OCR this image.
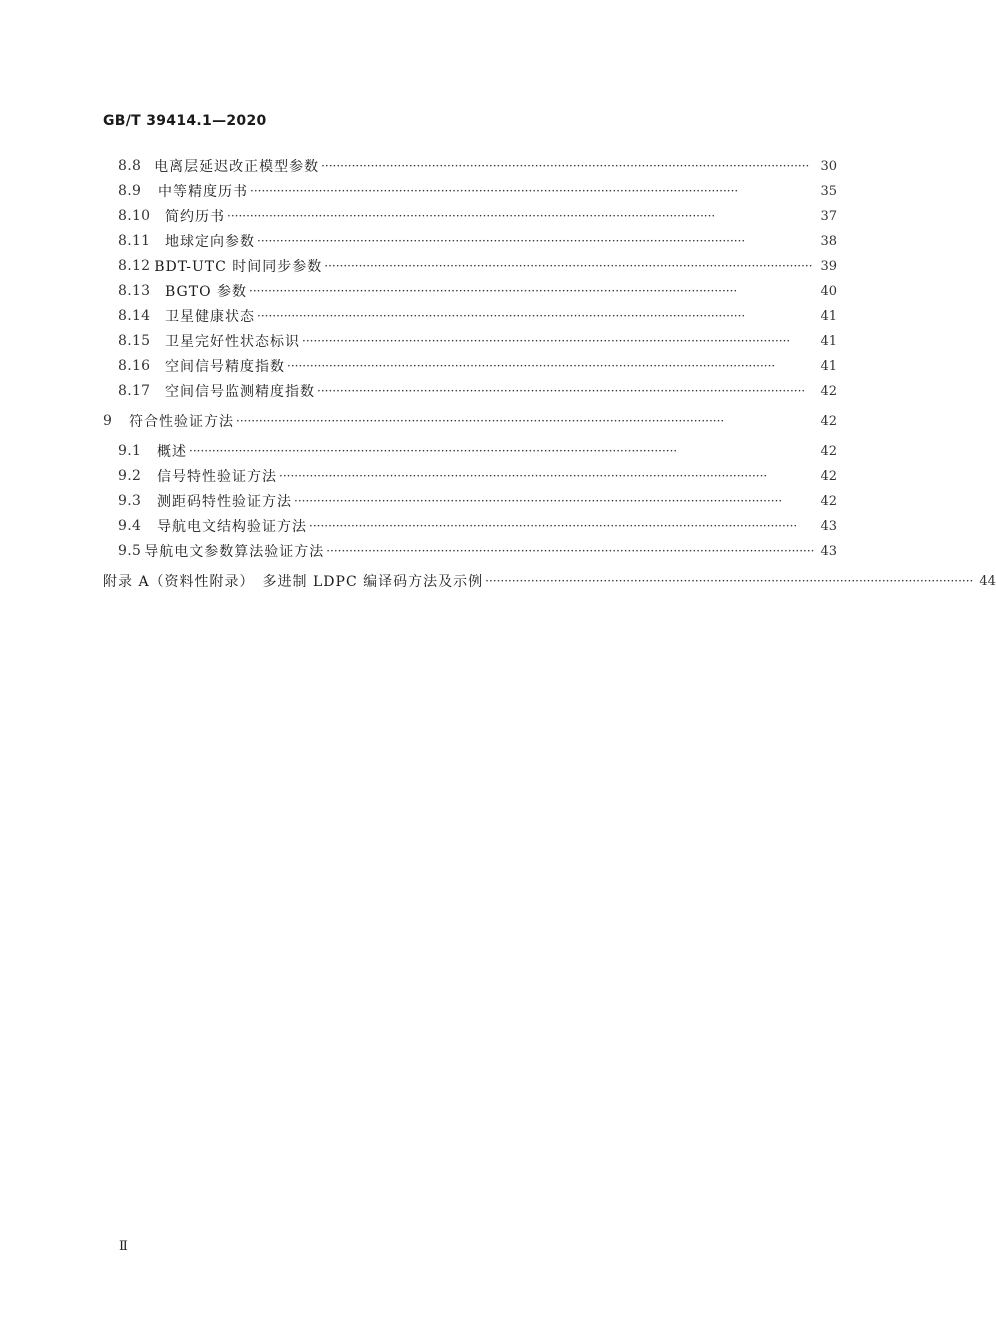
GB/T 39414.1—2020
8.8 电离层延迟改正模型参数 ································································································································ 30
8.9	中等精度历书 ································································································································	35
8.10	简约历书 ································································································································	37
8.11	地球定向参数 ································································································································	38
8.12 BDT-UTC 时间同步参数 ································································································································ 39
8.13	BGTO 参数 ································································································································	40
8.14	卫星健康状态 ································································································································	41
8.15	卫星完好性状态标识 ································································································································	41
8.16	空间信号精度指数 ································································································································	41
8.17	空间信号监测精度指数 ································································································································	42
9	符合性验证方法 ································································································································	42
9.1	概述 ································································································································	42
9.2	信号特性验证方法 ································································································································	42
9.3	测距码特性验证方法 ································································································································	42
9.4	导航电文结构验证方法 ································································································································	43
9.5 导航电文参数算法验证方法 ································································································································ 43
附录 A（资料性附录）　多进制 LDPC 编译码方法及示例 ································································································································ 44
Ⅱ
